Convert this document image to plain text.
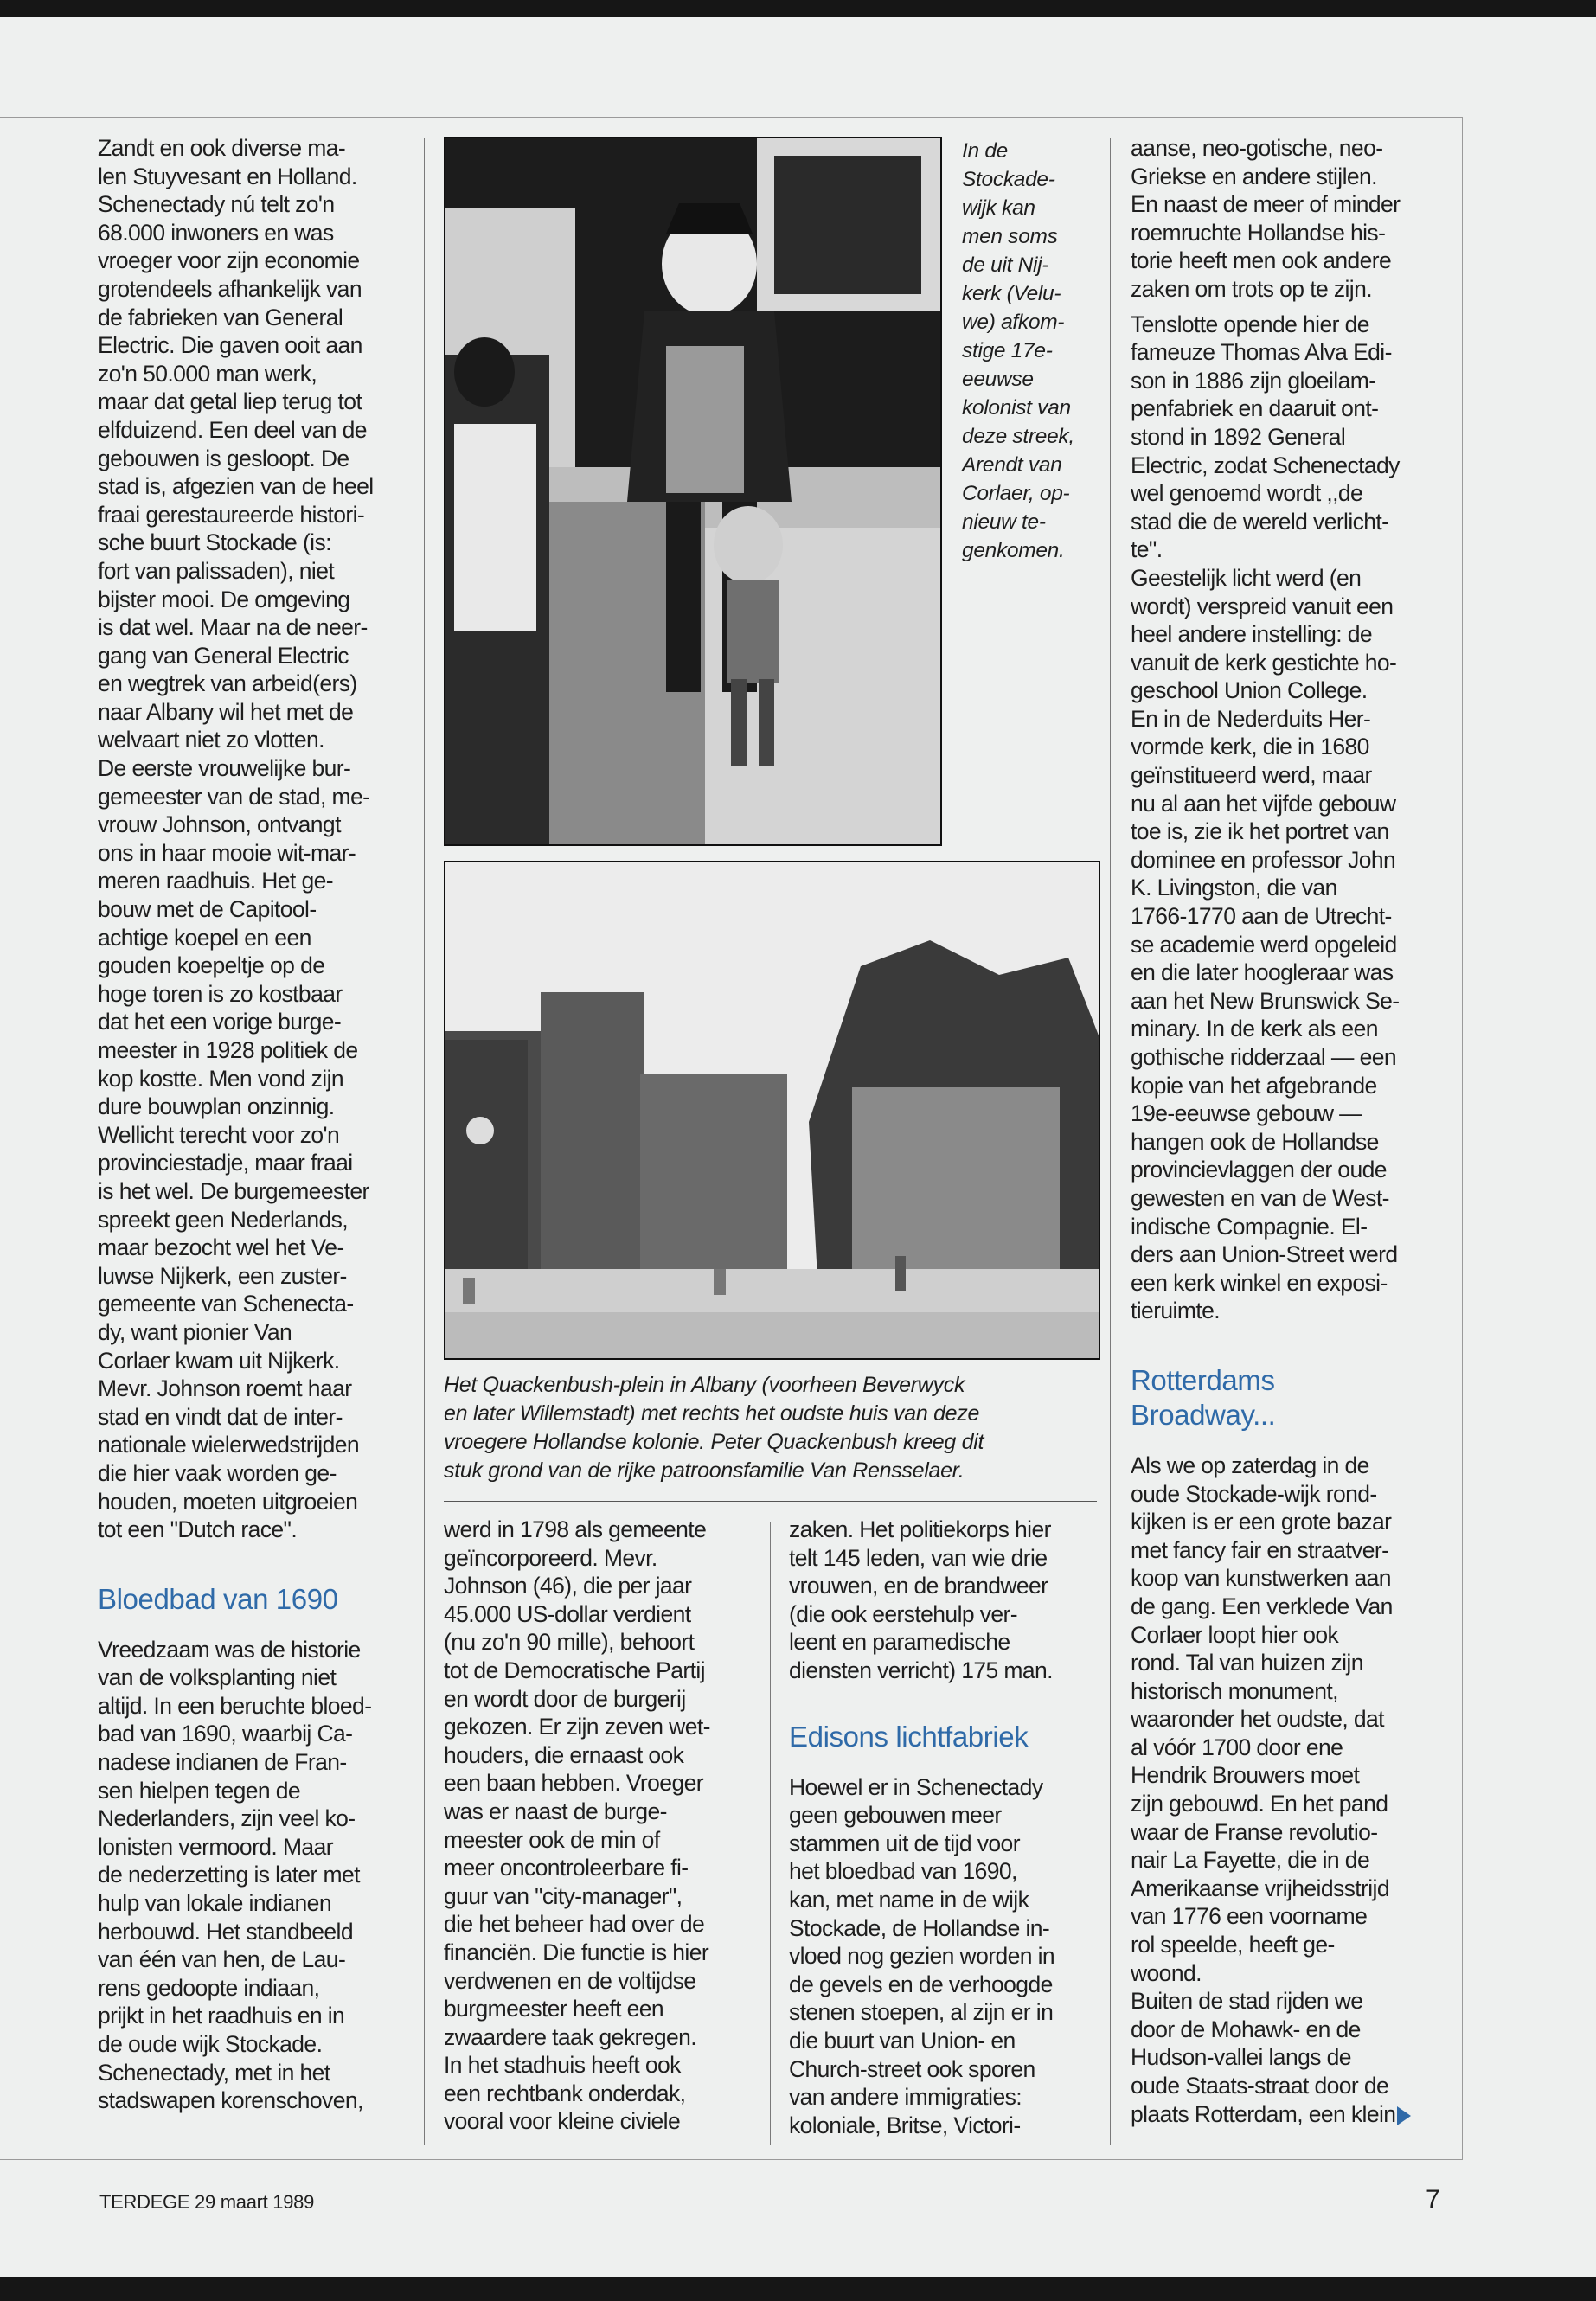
Zandt en ook diverse ma-
len Stuyvesant en Holland.
Schenectady nú telt zo'n
68.000 inwoners en was
vroeger voor zijn economie
grotendeels afhankelijk van
de fabrieken van General
Electric. Die gaven ooit aan
zo'n 50.000 man werk,
maar dat getal liep terug tot
elfduizend. Een deel van de
gebouwen is gesloopt. De
stad is, afgezien van de heel
fraai gerestaureerde histori-
sche buurt Stockade (is:
fort van palissaden), niet
bijster mooi. De omgeving
is dat wel. Maar na de neer-
gang van General Electric
en wegtrek van arbeid(ers)
naar Albany wil het met de
welvaart niet zo vlotten.
De eerste vrouwelijke bur-
gemeester van de stad, me-
vrouw Johnson, ontvangt
ons in haar mooie wit-mar-
meren raadhuis. Het ge-
bouw met de Capitool-
achtige koepel en een
gouden koepeltje op de
hoge toren is zo kostbaar
dat het een vorige burge-
meester in 1928 politiek de
kop kostte. Men vond zijn
dure bouwplan onzinnig.
Wellicht terecht voor zo'n
provinciestadje, maar fraai
is het wel. De burgemeester
spreekt geen Nederlands,
maar bezocht wel het Ve-
luwse Nijkerk, een zuster-
gemeente van Schenecta-
dy, want pionier Van
Corlaer kwam uit Nijkerk.
Mevr. Johnson roemt haar
stad en vindt dat de inter-
nationale wielerwedstrijden
die hier vaak worden ge-
houden, moeten uitgroeien
tot een "Dutch race".

Bloedbad van 1690

Vreedzaam was de historie
van de volksplanting niet
altijd. In een beruchte bloed-
bad van 1690, waarbij Ca-
nadese indianen de Fran-
sen hielpen tegen de
Nederlanders, zijn veel ko-
lonisten vermoord. Maar
de nederzetting is later met
hulp van lokale indianen
herbouwd. Het standbeeld
van één van hen, de Lau-
rens gedoopte indiaan,
prijkt in het raadhuis en in
de oude wijk Stockade.
Schenectady, met in het
stadswapen korenschoven,

In de
Stockade-
wijk kan
men soms
de uit Nij-
kerk (Velu-
we) afkom-
stige 17e-
eeuwse
kolonist van
deze streek,
Arendt van
Corlaer, op-
nieuw te-
genkomen.
Het Quackenbush-plein in Albany (voorheen Beverwyck
en later Willemstadt) met rechts het oudste huis van deze
vroegere Hollandse kolonie. Peter Quackenbush kreeg dit
stuk grond van de rijke patroonsfamilie Van Rensselaer.

werd in 1798 als gemeente
geïncorporeerd. Mevr.
Johnson (46), die per jaar
45.000 US-dollar verdient
(nu zo'n 90 mille), behoort
tot de Democratische Partij
en wordt door de burgerij
gekozen. Er zijn zeven wet-
houders, die ernaast ook
een baan hebben. Vroeger
was er naast de burge-
meester ook de min of
meer oncontroleerbare fi-
guur van "city-manager",
die het beheer had over de
financiën. Die functie is hier
verdwenen en de voltijdse
burgmeester heeft een
zwaardere taak gekregen.
In het stadhuis heeft ook
een rechtbank onderdak,
vooral voor kleine civiele

zaken. Het politiekorps hier
telt 145 leden, van wie drie
vrouwen, en de brandweer
(die ook eerstehulp ver-
leent en paramedische
diensten verricht) 175 man.

Edisons lichtfabriek

Hoewel er in Schenectady
geen gebouwen meer
stammen uit de tijd voor
het bloedbad van 1690,
kan, met name in de wijk
Stockade, de Hollandse in-
vloed nog gezien worden in
de gevels en de verhoogde
stenen stoepen, al zijn er in
die buurt van Union- en
Church-street ook sporen
van andere immigraties:
koloniale, Britse, Victori-

aanse, neo-gotische, neo-
Griekse en andere stijlen.
En naast de meer of minder
roemruchte Hollandse his-
torie heeft men ook andere
zaken om trots op te zijn.

Tenslotte opende hier de
fameuze Thomas Alva Edi-
son in 1886 zijn gloeilam-
penfabriek en daaruit ont-
stond in 1892 General
Electric, zodat Schenectady
wel genoemd wordt ,,de
stad die de wereld verlicht-
te".
Geestelijk licht werd (en
wordt) verspreid vanuit een
heel andere instelling: de
vanuit de kerk gestichte ho-
geschool Union College.
En in de Nederduits Her-
vormde kerk, die in 1680
geïnstitueerd werd, maar
nu al aan het vijfde gebouw
toe is, zie ik het portret van
dominee en professor John
K. Livingston, die van
1766-1770 aan de Utrecht-
se academie werd opgeleid
en die later hoogleraar was
aan het New Brunswick Se-
minary. In de kerk als een
gothische ridderzaal — een
kopie van het afgebrande
19e-eeuwse gebouw —
hangen ook de Hollandse
provincievlaggen der oude
gewesten en van de West-
indische Compagnie. El-
ders aan Union-Street werd
een kerk winkel en exposi-
tieruimte.

Rotterdams
Broadway...

Als we op zaterdag in de
oude Stockade-wijk rond-
kijken is er een grote bazar
met fancy fair en straatver-
koop van kunstwerken aan
de gang. Een verklede Van
Corlaer loopt hier ook
rond. Tal van huizen zijn
historisch monument,
waaronder het oudste, dat
al vóór 1700 door ene
Hendrik Brouwers moet
zijn gebouwd. En het pand
waar de Franse revolutio-
nair La Fayette, die in de
Amerikaanse vrijheidsstrijd
van 1776 een voorname
rol speelde, heeft ge-
woond.
Buiten de stad rijden we
door de Mohawk- en de
Hudson-vallei langs de
oude Staats-straat door de
plaats Rotterdam, een klein

TERDEGE 29 maart 1989	7
